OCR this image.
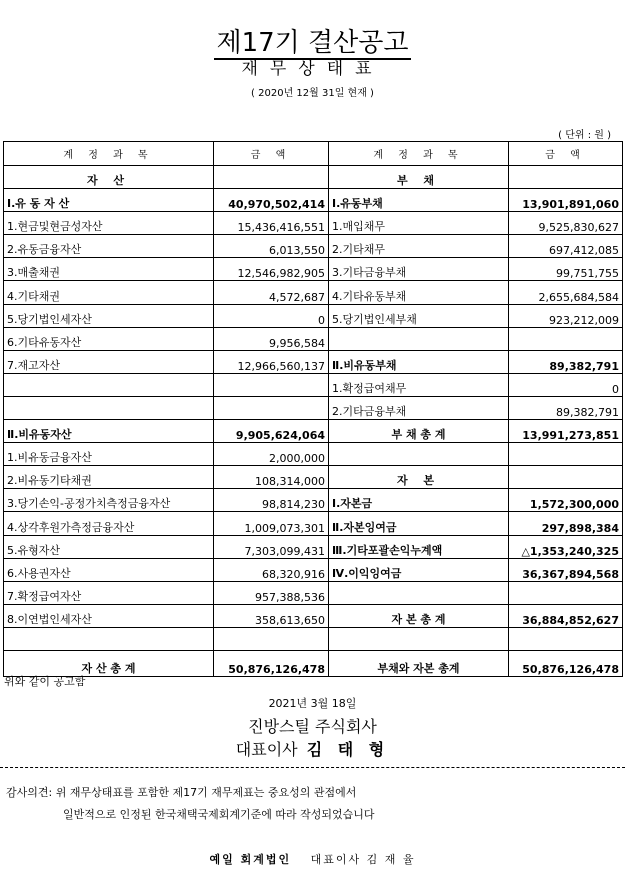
제17기 결산공고
재무상태표
( 2020년 12월 31일 현재 )
( 단위 : 원 )
계 정 과 목	금 액	계 정 과 목	금 액
자 산		부 채	
Ⅰ.유 동 자 산	40,970,502,414	Ⅰ.유동부채	13,901,891,060
1.현금및현금성자산	15,436,416,551	1.매입채무	9,525,830,627
2.유동금융자산	6,013,550	2.기타채무	697,412,085
3.매출채권	12,546,982,905	3.기타금융부채	99,751,755
4.기타채권	4,572,687	4.기타유동부채	2,655,684,584
5.당기법인세자산	0	5.당기법인세부채	923,212,009
6.기타유동자산	9,956,584		
7.재고자산	12,966,560,137	Ⅱ.비유동부채	89,382,791
		1.확정급여채무	0
		2.기타금융부채	89,382,791
Ⅱ.비유동자산	9,905,624,064	부 채 총 계	13,991,273,851
1.비유동금융자산	2,000,000		
2.비유동기타채권	108,314,000	자 본	
3.당기손익-공정가치측정금융자산	98,814,230	Ⅰ.자본금	1,572,300,000
4.상각후원가측정금융자산	1,009,073,301	Ⅱ.자본잉여금	297,898,384
5.유형자산	7,303,099,431	Ⅲ.기타포괄손익누계액	△1,353,240,325
6.사용권자산	68,320,916	Ⅳ.이익잉여금	36,367,894,568
7.확정급여자산	957,388,536		
8.이연법인세자산	358,613,650	자 본 총 계	36,884,852,627

자 산 총 계	50,876,126,478	부채와 자본 총계	50,876,126,478
위와 같이 공고함
2021년 3월 18일
진방스틸 주식회사
대표이사 김 태 형
감사의견: 위 재무상태표를 포함한 제17기 재무제표는 중요성의 관점에서
일반적으로 인정된 한국채택국제회계기준에 따라 작성되었습니다
예일 회계법인 대표이사 김 재 율
